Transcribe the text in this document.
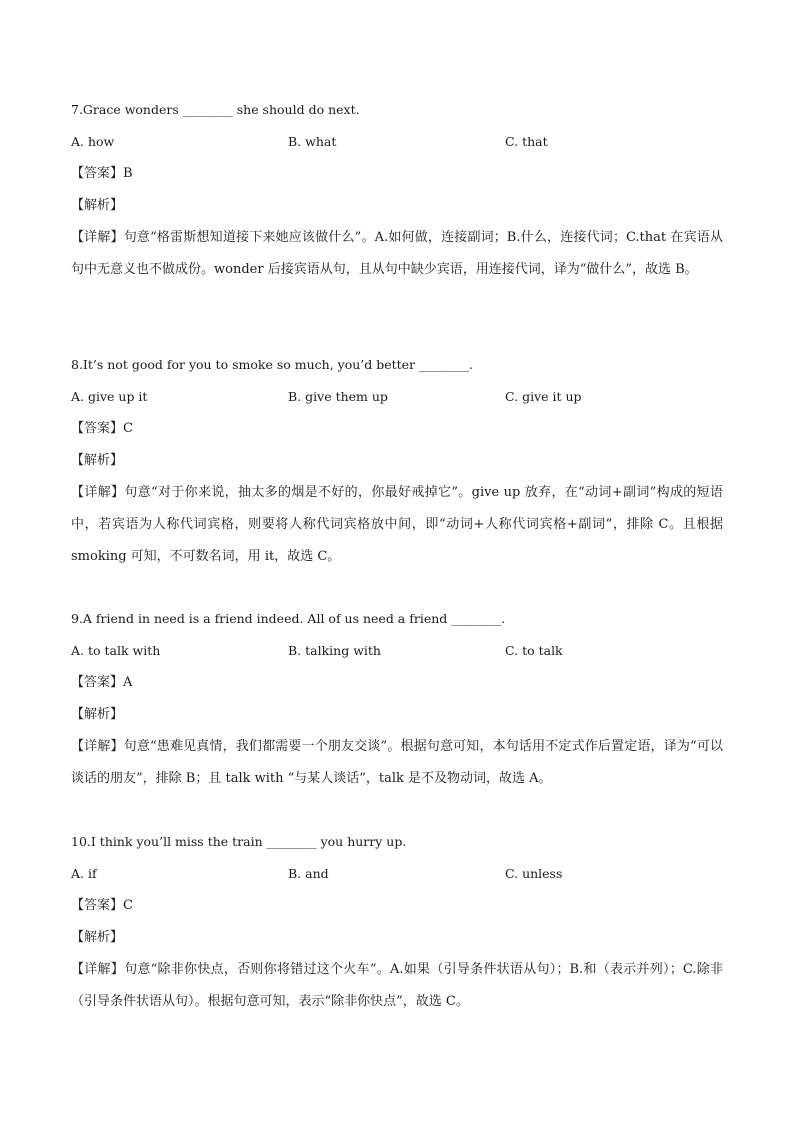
7.Grace wonders ________ she should do next.
A. how	B. what	C. that
【答案】B
【解析】
【详解】句意“格雷斯想知道接下来她应该做什么”。A.如何做，连接副词；B.什么，连接代词；C.that 在宾语从句中无意义也不做成份。wonder 后接宾语从句，且从句中缺少宾语，用连接代词，译为“做什么”，故选 B。
8.It’s not good for you to smoke so much, you’d better ________.
A. give up it	B. give them up	C. give it up
【答案】C
【解析】
【详解】句意“对于你来说，抽太多的烟是不好的，你最好戒掉它”。give up 放弃，在“动词+副词”构成的短语中，若宾语为人称代词宾格，则要将人称代词宾格放中间，即“动词+人称代词宾格+副词”，排除 C。且根据 smoking 可知，不可数名词，用 it，故选 C。
9.A friend in need is a friend indeed. All of us need a friend ________.
A. to talk with	B. talking with	C. to talk
【答案】A
【解析】
【详解】句意“患难见真情，我们都需要一个朋友交谈”。根据句意可知，本句话用不定式作后置定语，译为“可以谈话的朋友”，排除 B；且 talk with “与某人谈话”，talk 是不及物动词，故选 A。
10.I think you’ll miss the train ________ you hurry up.
A. if	B. and	C. unless
【答案】C
【解析】
【详解】句意“除非你快点，否则你将错过这个火车”。A.如果（引导条件状语从句）；B.和（表示并列）；C.除非（引导条件状语从句）。根据句意可知，表示“除非你快点”，故选 C。
